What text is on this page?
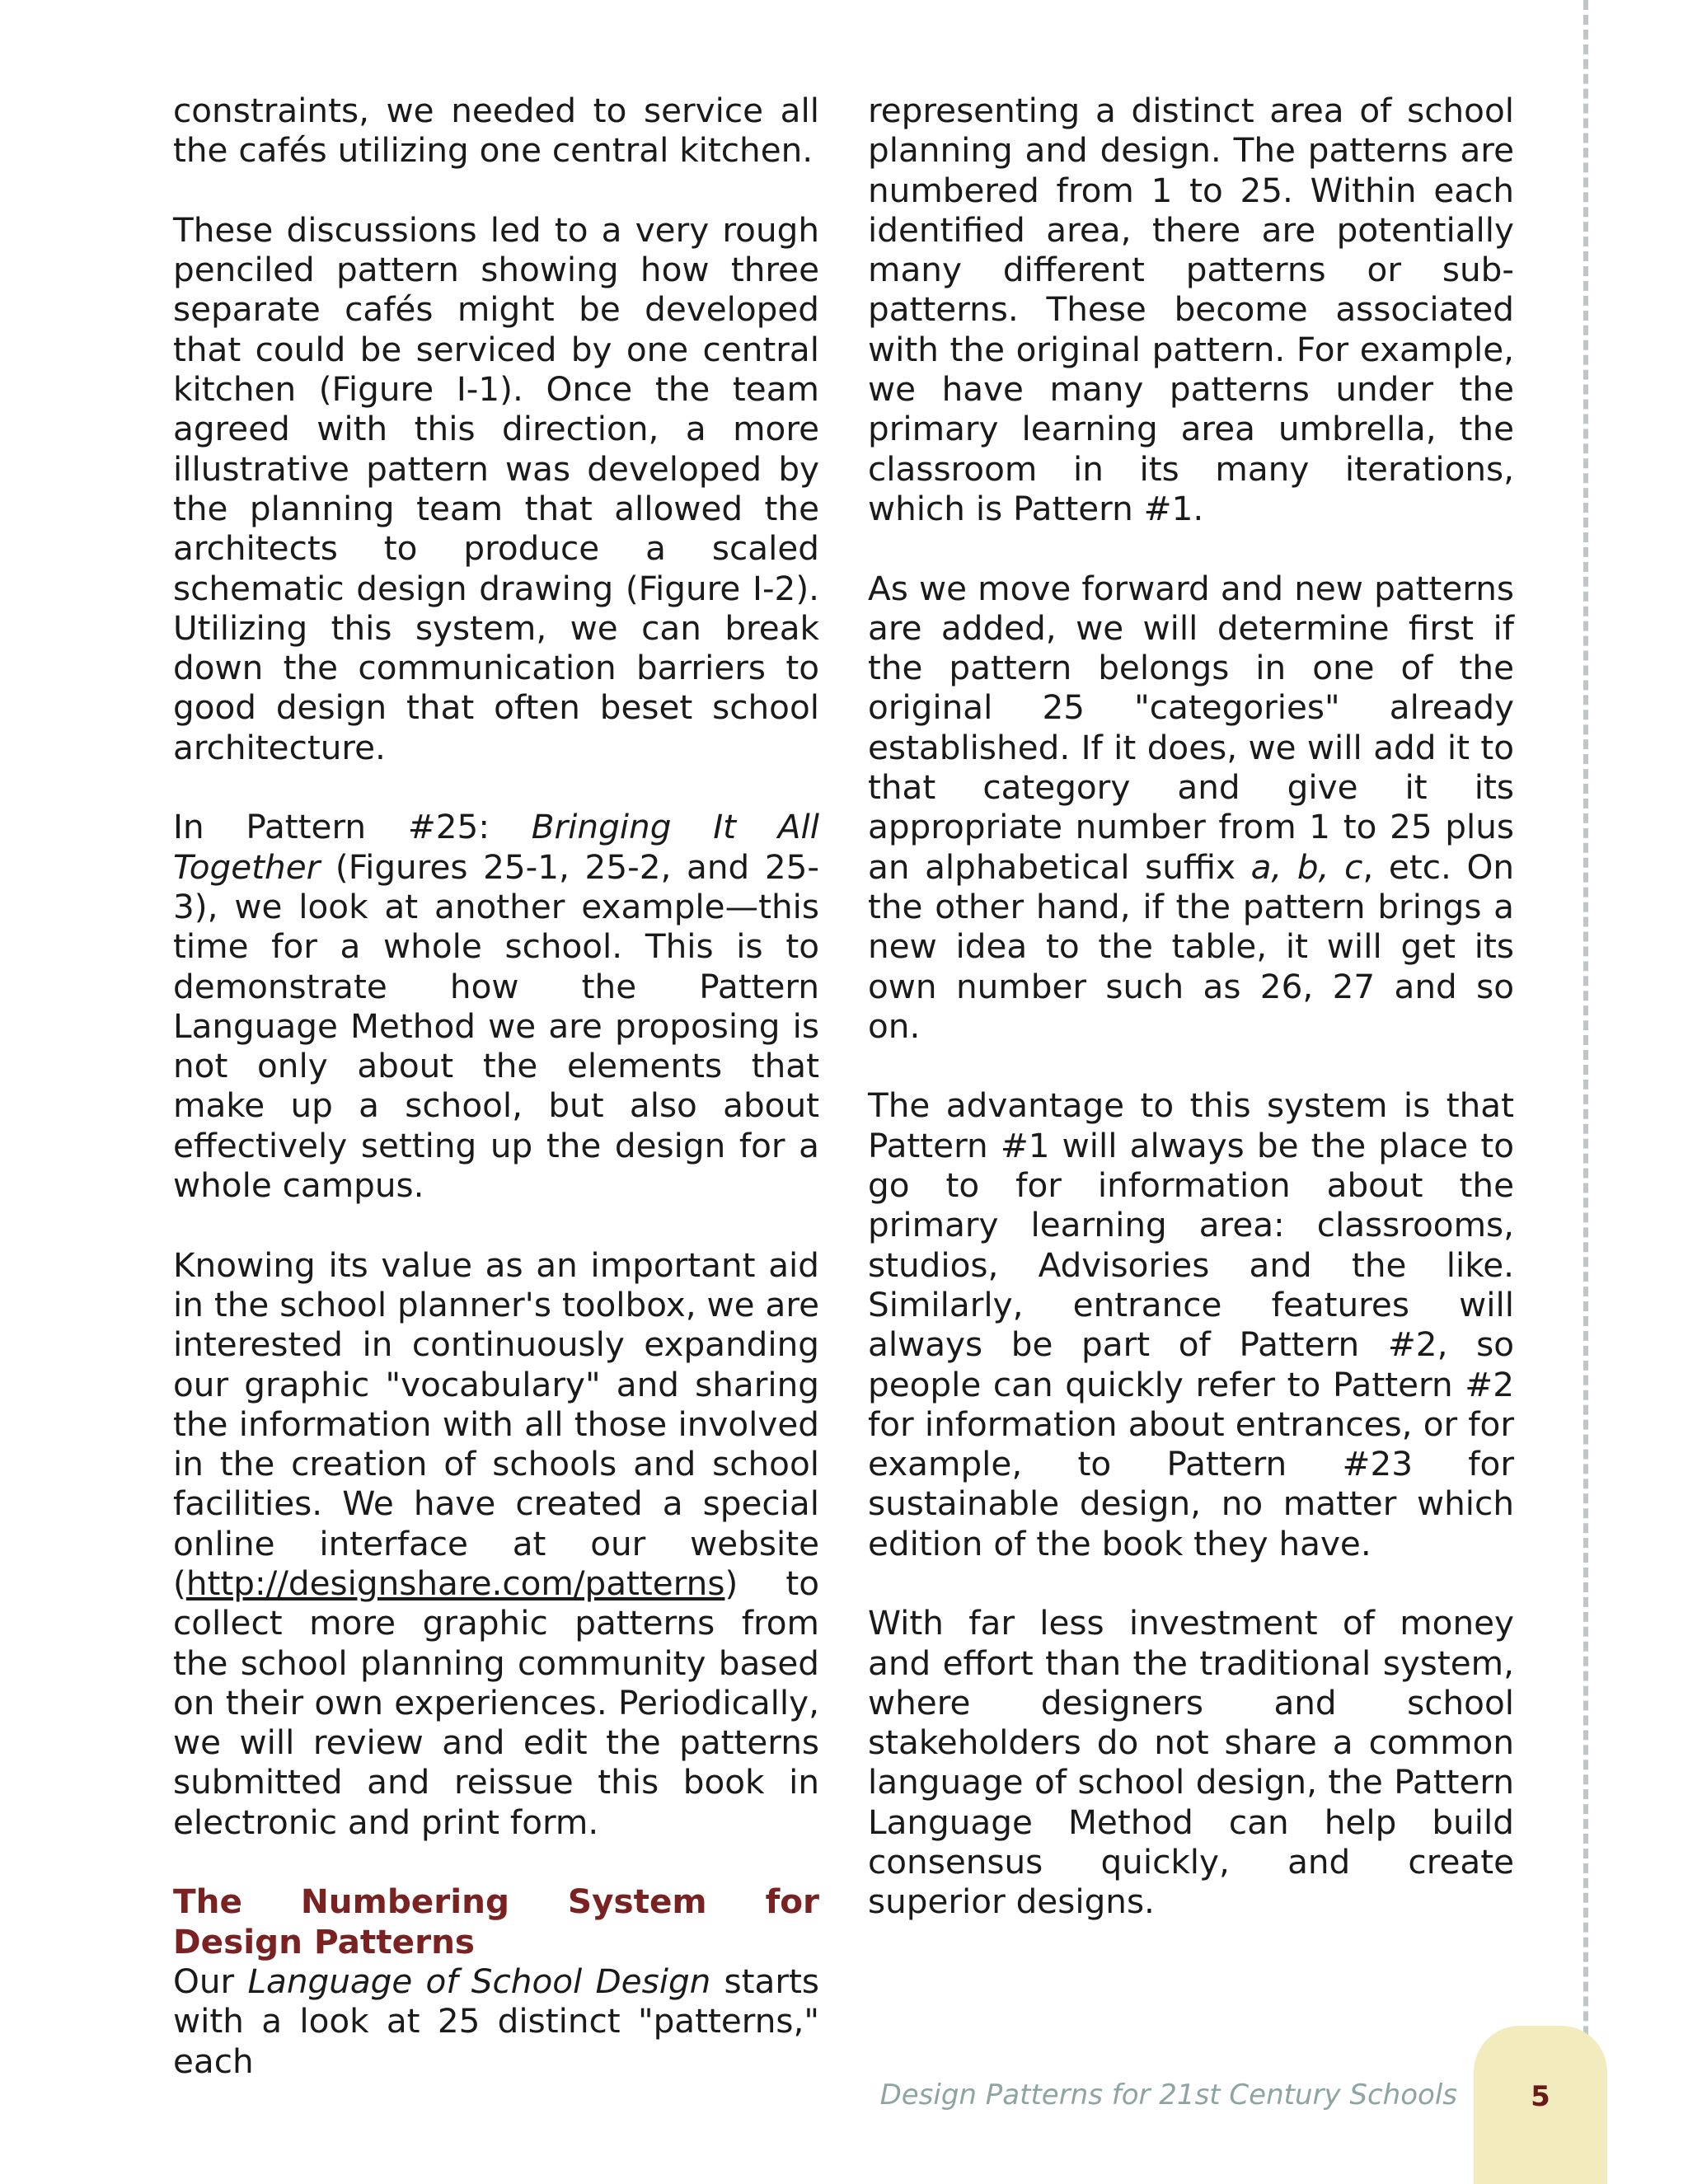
constraints, we needed to service all the cafés utilizing one central kitchen.

These discussions led to a very rough penciled pattern showing how three separate cafés might be developed that could be serviced by one central kitchen (Figure I-1). Once the team agreed with this direction, a more illustrative pattern was developed by the planning team that allowed the architects to produce a scaled schematic design drawing (Figure I-2). Utilizing this system, we can break down the communication barriers to good design that often beset school architecture.

In Pattern #25: Bringing It All Together (Figures 25-1, 25-2, and 25-3), we look at another example—this time for a whole school. This is to demonstrate how the Pattern Language Method we are proposing is not only about the elements that make up a school, but also about effectively setting up the design for a whole campus.

Knowing its value as an important aid in the school planner's toolbox, we are interested in continuously expanding our graphic "vocabulary" and sharing the information with all those involved in the creation of schools and school facilities. We have created a special online interface at our website (http://designshare.com/patterns) to collect more graphic patterns from the school planning community based on their own experiences. Periodically, we will review and edit the patterns submitted and reissue this book in electronic and print form.

The Numbering System for Design Patterns

Our Language of School Design starts with a look at 25 distinct "patterns," each

representing a distinct area of school planning and design. The patterns are numbered from 1 to 25. Within each identified area, there are potentially many different patterns or sub-patterns. These become associated with the original pattern. For example, we have many patterns under the primary learning area umbrella, the classroom in its many iterations, which is Pattern #1.

As we move forward and new patterns are added, we will determine first if the pattern belongs in one of the original 25 "categories" already established. If it does, we will add it to that category and give it its appropriate number from 1 to 25 plus an alphabetical suffix a, b, c, etc. On the other hand, if the pattern brings a new idea to the table, it will get its own number such as 26, 27 and so on.

The advantage to this system is that Pattern #1 will always be the place to go to for information about the primary learning area: classrooms, studios, Advisories and the like. Similarly, entrance features will always be part of Pattern #2, so people can quickly refer to Pattern #2 for information about entrances, or for example, to Pattern #23 for sustainable design, no matter which edition of the book they have.

With far less investment of money and effort than the traditional system, where designers and school stakeholders do not share a common language of school design, the Pattern Language Method can help build consensus quickly, and create superior designs.

Design Patterns for 21st Century Schools	5
